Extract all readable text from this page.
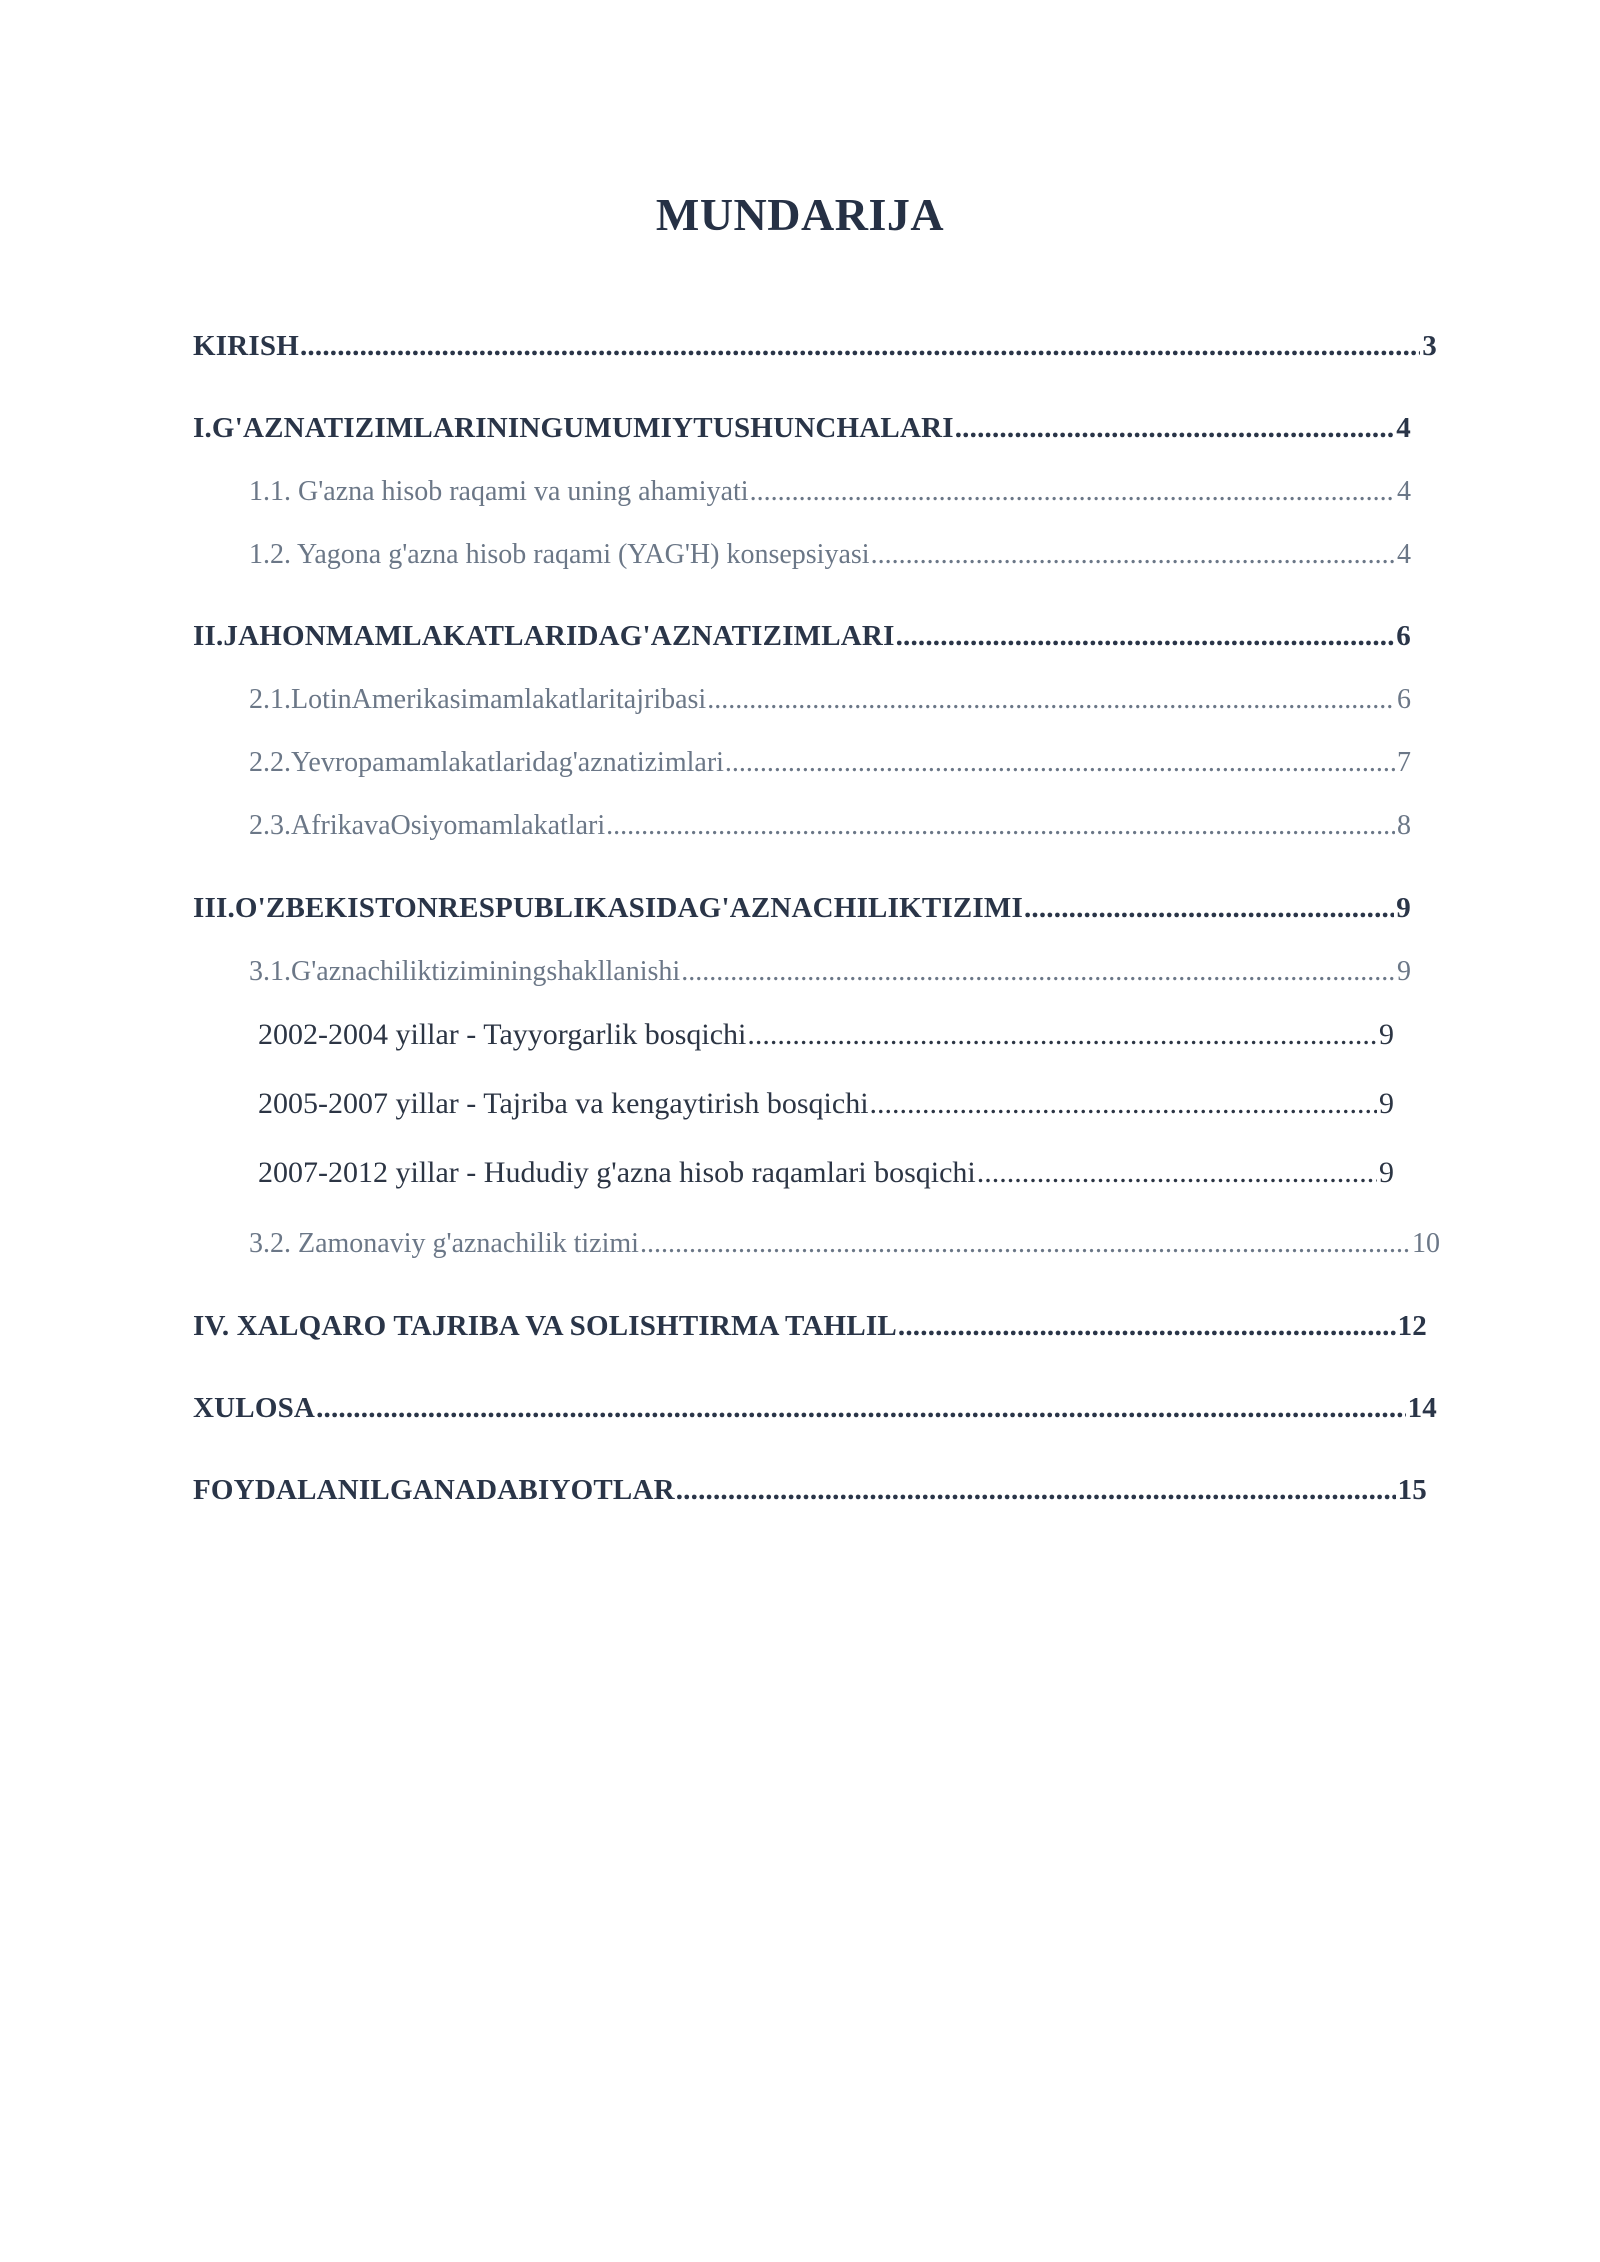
MUNDARIJA
KIRISH .....	3
I.G'AZNATIZIMLARININGUMUMIYTUSHUNCHALARI .....	4
1.1. G'azna hisob raqami va uning ahamiyati .....	4
1.2. Yagona g'azna hisob raqami (YAG'H) konsepsiyasi .....	4
II.JAHONMAMLAKATLARIDAG'AZNATIZIMLARI .....	6
2.1.LotinAmerikasimamlakatlaritajribasi .....	6
2.2.Yevropamamlakatlaridag'aznatizimlari .....	7
2.3.AfrikavaOsiyomamlakatlari .....	8
III.O'ZBEKISTONRESPUBLIKASIDAG'AZNACHILIKTIZIMI .....	9
3.1.G'aznachiliktiziminingshakllanishi .....	9
2002-2004 yillar - Tayyorgarlik bosqichi .....	9
2005-2007 yillar - Tajriba va kengaytirish bosqichi .....	9
2007-2012 yillar - Hududiy g'azna hisob raqamlari bosqichi .....	9
3.2. Zamonaviy g'aznachilik tizimi .....	10
IV. XALQARO TAJRIBA VA SOLISHTIRMA TAHLIL .....	12
XULOSA .....	14
FOYDALANILGANADABIYOTLAR .....	15
